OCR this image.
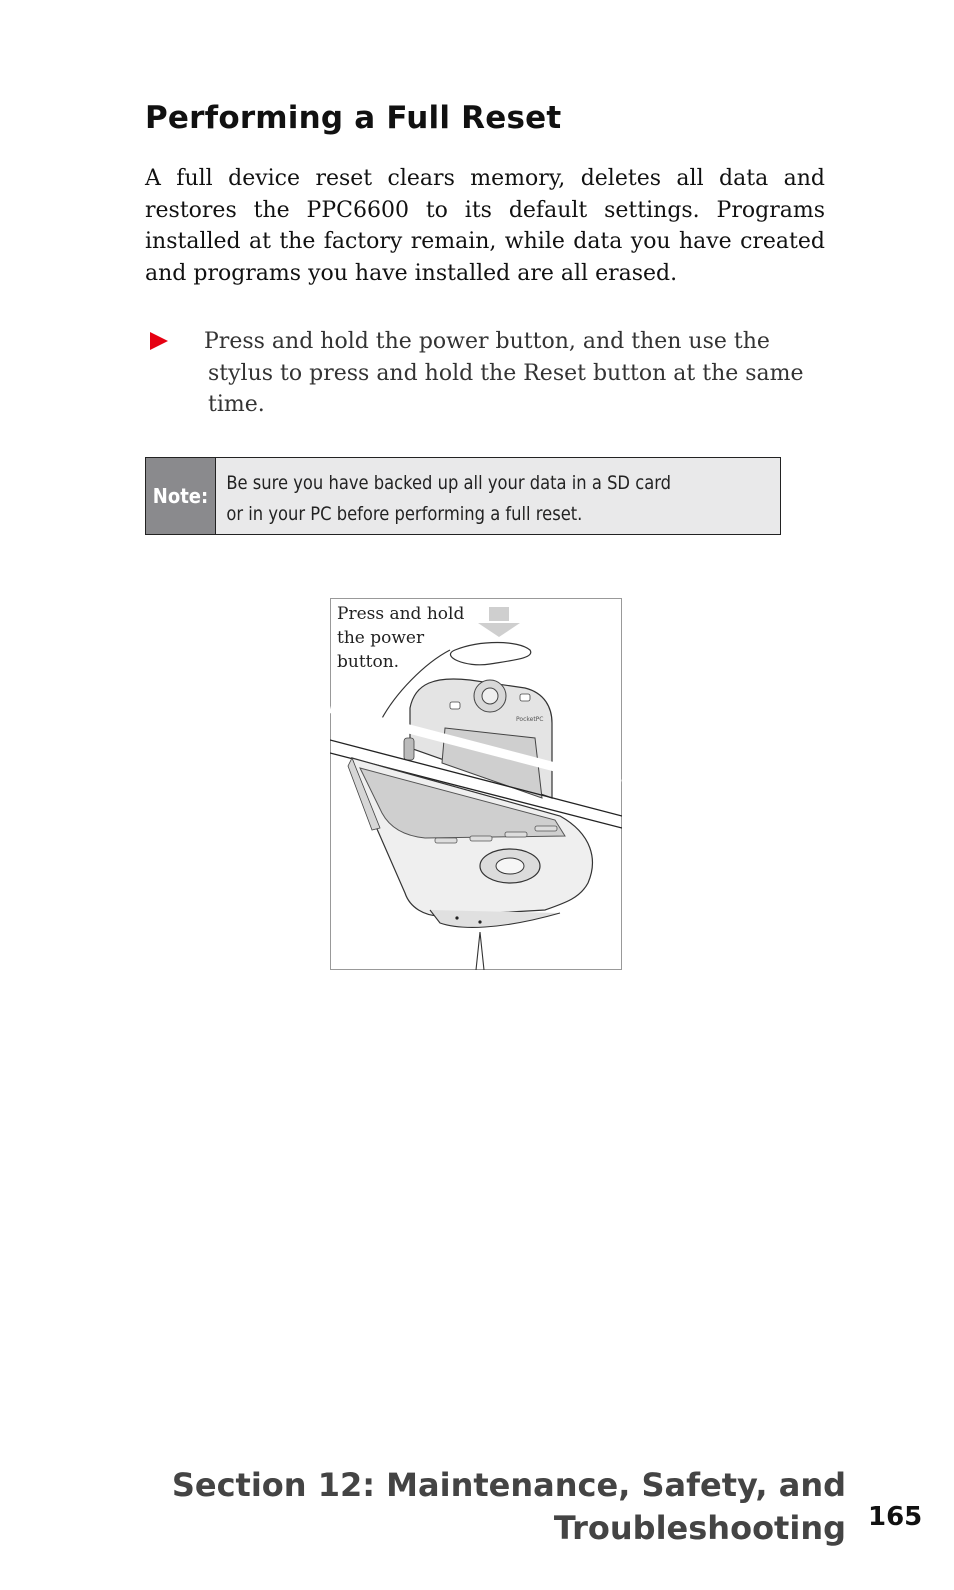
Performing a Full Reset

A full device reset clears memory, deletes all data and restores the PPC6600 to its default settings. Programs installed at the factory remain, while data you have created and programs you have installed are all erased.

Press and hold the power button, and then use the
stylus to press and hold the Reset button at the same
time.
Note:
Be sure you have backed up all your data in a SD card or in your PC before performing a full reset.
PocketPC
Press and hold
the power
button.
Section 12: Maintenance, Safety, and
Troubleshooting 165
